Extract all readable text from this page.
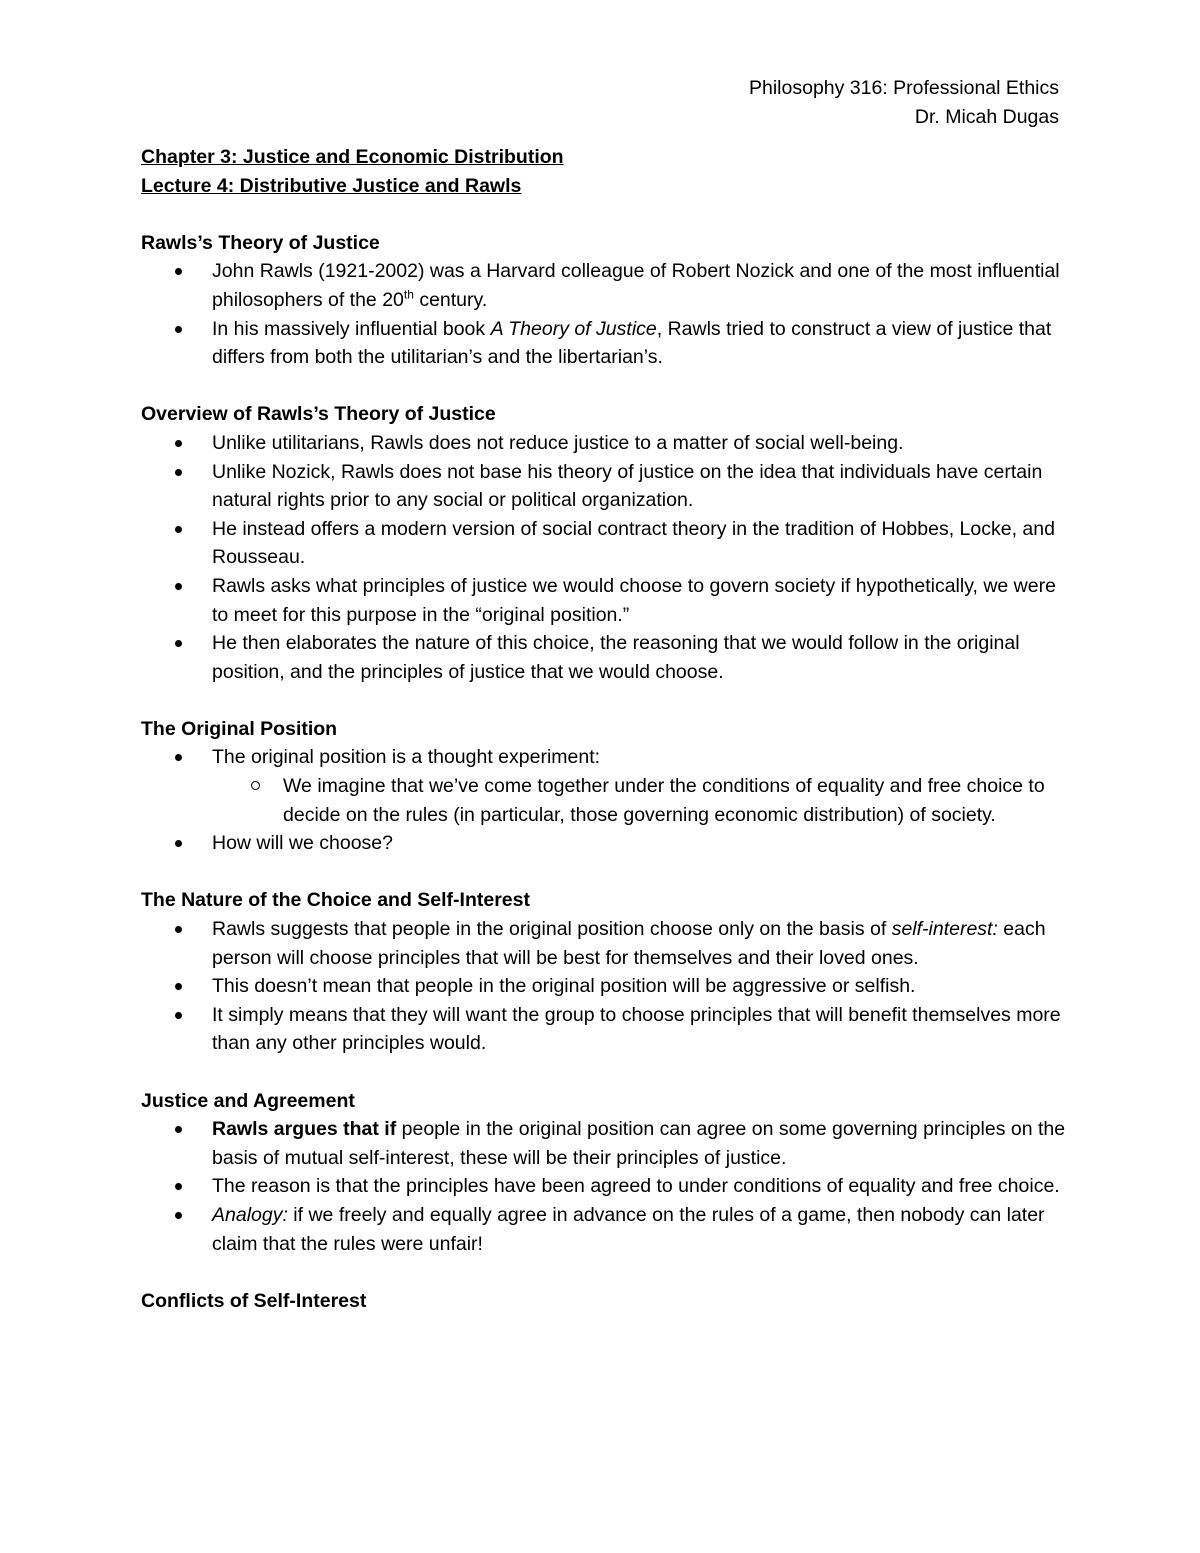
Philosophy 316: Professional Ethics
Dr. Micah Dugas

Chapter 3: Justice and Economic Distribution

Lecture 4: Distributive Justice and Rawls

Rawls’s Theory of Justice

John Rawls (1921-2002) was a Harvard colleague of Robert Nozick and one of the most influential philosophers of the 20th century.
In his massively influential book A Theory of Justice, Rawls tried to construct a view of justice that differs from both the utilitarian’s and the libertarian’s.

Overview of Rawls’s Theory of Justice

Unlike utilitarians, Rawls does not reduce justice to a matter of social well-being.
Unlike Nozick, Rawls does not base his theory of justice on the idea that individuals have certain natural rights prior to any social or political organization.
He instead offers a modern version of social contract theory in the tradition of Hobbes, Locke, and Rousseau.
Rawls asks what principles of justice we would choose to govern society if hypothetically, we were to meet for this purpose in the “original position.”
He then elaborates the nature of this choice, the reasoning that we would follow in the original position, and the principles of justice that we would choose.

The Original Position

The original position is a thought experiment:
We imagine that we’ve come together under the conditions of equality and free choice to decide on the rules (in particular, those governing economic distribution) of society.
How will we choose?

The Nature of the Choice and Self-Interest

Rawls suggests that people in the original position choose only on the basis of self-interest: each person will choose principles that will be best for themselves and their loved ones.
This doesn’t mean that people in the original position will be aggressive or selfish.
It simply means that they will want the group to choose principles that will benefit themselves more than any other principles would.

Justice and Agreement

Rawls argues that if people in the original position can agree on some governing principles on the basis of mutual self-interest, these will be their principles of justice.
The reason is that the principles have been agreed to under conditions of equality and free choice.
Analogy: if we freely and equally agree in advance on the rules of a game, then nobody can later claim that the rules were unfair!

Conflicts of Self-Interest
